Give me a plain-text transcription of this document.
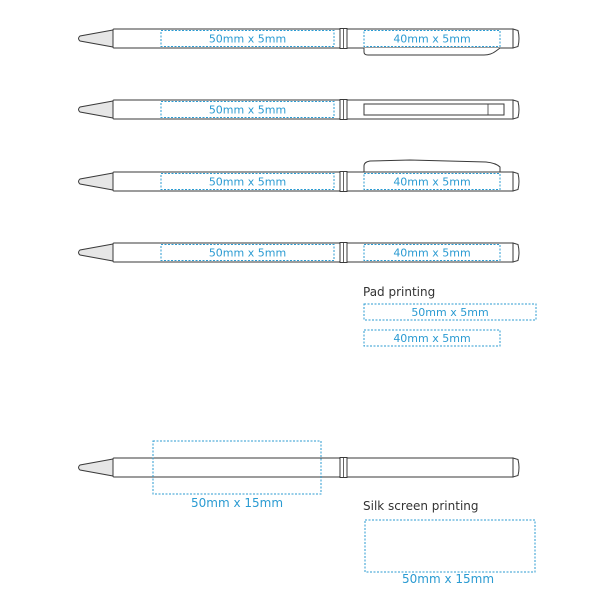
50mm x 5mm	40mm x 5mm
50mm x 5mm
50mm x 5mm	40mm x 5mm
50mm x 5mm	40mm x 5mm
Pad printing
50mm x 5mm
40mm x 5mm
50mm x 15mm	Silk screen printing
50mm x 15mm
